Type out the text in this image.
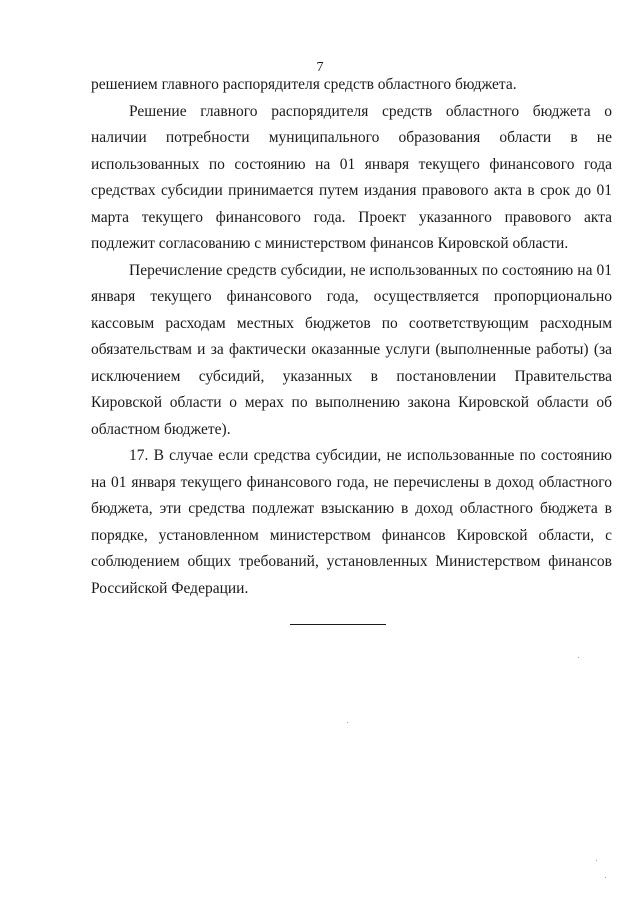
7

решением главного распорядителя средств областного бюджета.

Решение главного распорядителя средств областного бюджета о наличии потребности муниципального образования области в не использованных по состоянию на 01 января текущего финансового года средствах субсидии принимается путем издания правового акта в срок до 01 марта текущего финансового года. Проект указанного правового акта подлежит согласованию с министерством финансов Кировской области.

Перечисление средств субсидии, не использованных по состоянию на 01 января текущего финансового года, осуществляется пропорционально кассовым расходам местных бюджетов по соответствующим расходным обязательствам и за фактически оказанные услуги (выполненные работы) (за исключением субсидий, указанных в постановлении Правительства Кировской области о мерах по выполнению закона Кировской области об областном бюджете).

17. В случае если средства субсидии, не использованные по состоянию на 01 января текущего финансового года, не перечислены в доход областного бюджета, эти средства подлежат взысканию в доход областного бюджета в порядке, установленном министерством финансов Кировской области, с соблюдением общих требований, установленных Министерством финансов Российской Федерации.
